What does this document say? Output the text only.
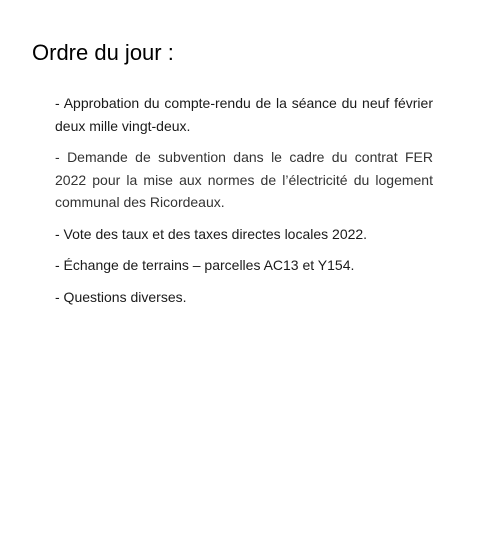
Ordre du jour :
- Approbation du compte-rendu de la séance du neuf février deux mille vingt-deux.
- Demande de subvention dans le cadre du contrat FER 2022 pour la mise aux normes de l’électricité du logement communal des Ricordeaux.
- Vote des taux et des taxes directes locales 2022.
- Échange de terrains – parcelles AC13 et Y154.
- Questions diverses.
